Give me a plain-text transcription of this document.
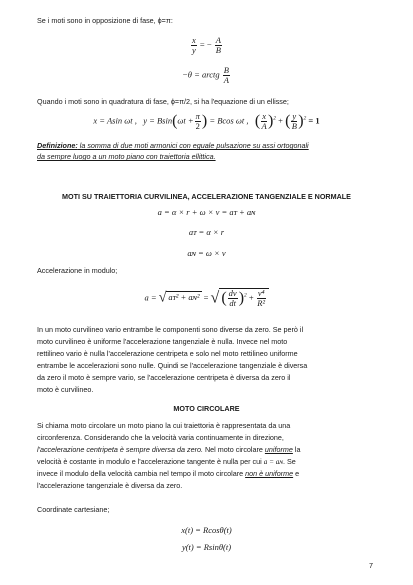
Se i moti sono in opposizione di fase, ϕ=π:
$\frac{x}{y}$ = − $\frac{A}{B}$
−θ = arctg $\frac{B}{A}$
Quando i moti sono in quadratura di fase, ϕ=π/2, si ha l'equazione di un ellisse;
x = Asin ωt , $y = Bsin(\omega t + \frac{\pi}{2}$ ) = Bcos ωt , ( $\frac{x}{A} )^2$ + ( $\frac{y}{B} )^2 = 1$
Definizione: la somma di due moti armonici con eguale pulsazione su assi ortogonali
da sempre luogo a un moto piano con traiettoria ellittica.
MOTI SU TRAIETTORIA CURVILINEA, ACCELERAZIONE TANGENZIALE E NORMALE
a = α × r + ω × v = aᴛ + aɴ
aᴛ = α × r
aɴ = ω × v
Accelerazione in modulo;
a = √ aᴛ² + aɴ² = √ ( $\frac{dv}{dt} )^2 + \frac{\text{v⁴}}{\text{R²}}$
In un moto curvilineo vario entrambe le componenti sono diverse da zero. Se però il
moto curvilineo è uniforme l'accelerazione tangenziale è nulla. Invece nel moto
rettilineo vario è nulla l'accelerazione centripeta e solo nel moto rettilineo uniforme
entrambe le accelerazioni sono nulle. Quindi se l'accelerazione tangenziale è diversa
da zero il moto è sempre vario, se l'accelerazione centripeta è diversa da zero il
moto è curvilineo.
MOTO CIRCOLARE
Si chiama moto circolare un moto piano la cui traiettoria è rappresentata da una
circonferenza. Considerando che la velocità varia continuamente in direzione,
l'accelerazione centripeta è sempre diversa da zero. Nel moto circolare uniforme la
velocità è costante in modulo e l'accelerazione tangente è nulla per cui a = aɴ. Se
invece il modulo della velocità cambia nel tempo il moto circolare non è uniforme e
l'accelerazione tangenziale è diversa da zero.
Coordinate cartesiane;
x(t) = Rcosθ(t)
y(t) = Rsinθ(t)
7
